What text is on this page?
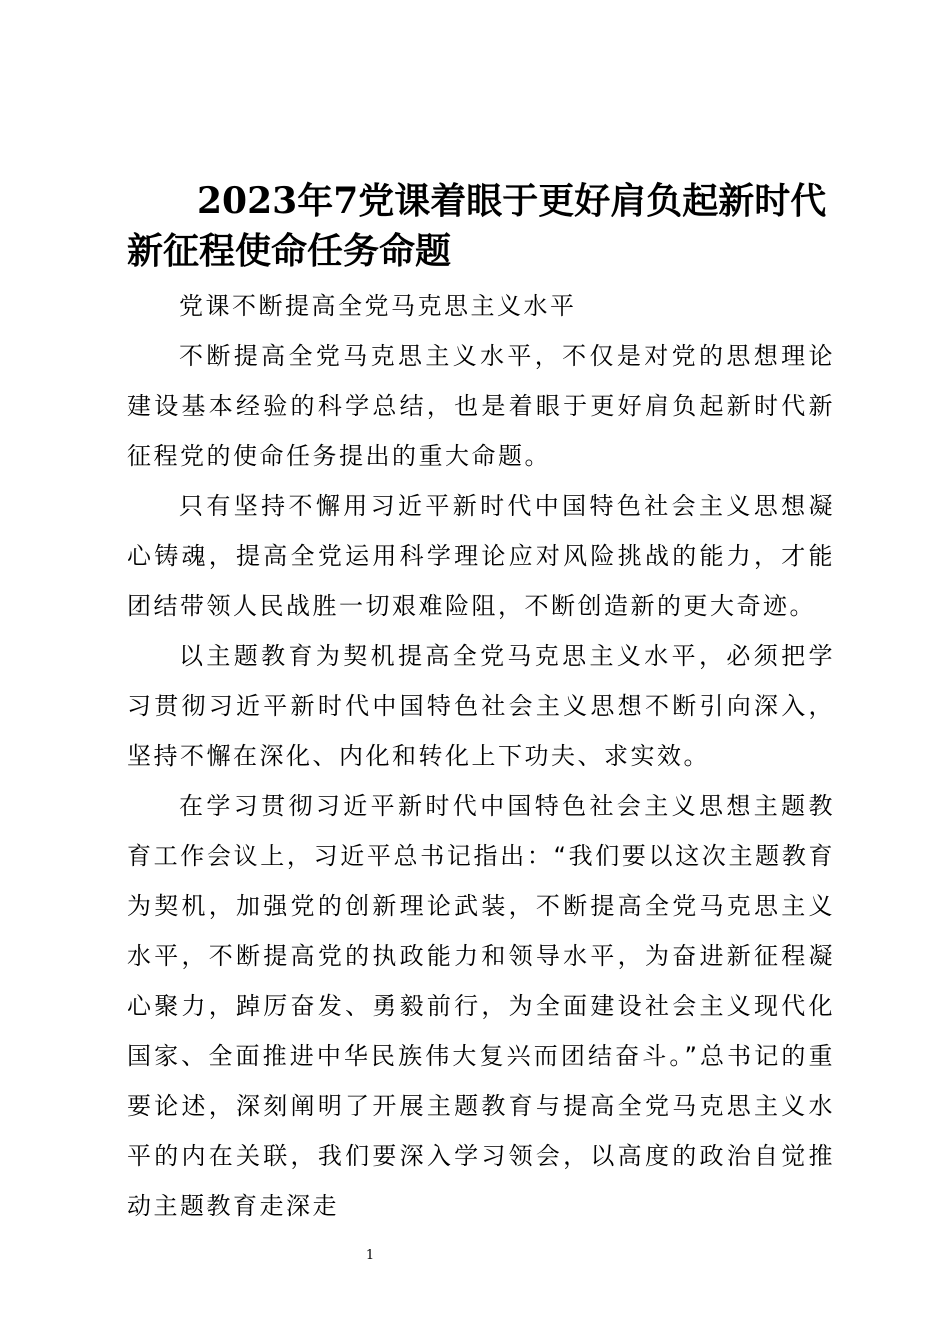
2023年7党课着眼于更好肩负起新时代新征程使命任务命题

党课不断提高全党马克思主义水平

不断提高全党马克思主义水平，不仅是对党的思想理论建设基本经验的科学总结，也是着眼于更好肩负起新时代新征程党的使命任务提出的重大命题。

只有坚持不懈用习近平新时代中国特色社会主义思想凝心铸魂，提高全党运用科学理论应对风险挑战的能力，才能团结带领人民战胜一切艰难险阻，不断创造新的更大奇迹。

以主题教育为契机提高全党马克思主义水平，必须把学习贯彻习近平新时代中国特色社会主义思想不断引向深入，坚持不懈在深化、内化和转化上下功夫、求实效。

在学习贯彻习近平新时代中国特色社会主义思想主题教育工作会议上，习近平总书记指出：“我们要以这次主题教育为契机，加强党的创新理论武装，不断提高全党马克思主义水平，不断提高党的执政能力和领导水平，为奋进新征程凝心聚力，踔厉奋发、勇毅前行，为全面建设社会主义现代化国家、全面推进中华民族伟大复兴而团结奋斗。”总书记的重要论述，深刻阐明了开展主题教育与提高全党马克思主义水平的内在关联，我们要深入学习领会，以高度的政治自觉推动主题教育走深走

1
